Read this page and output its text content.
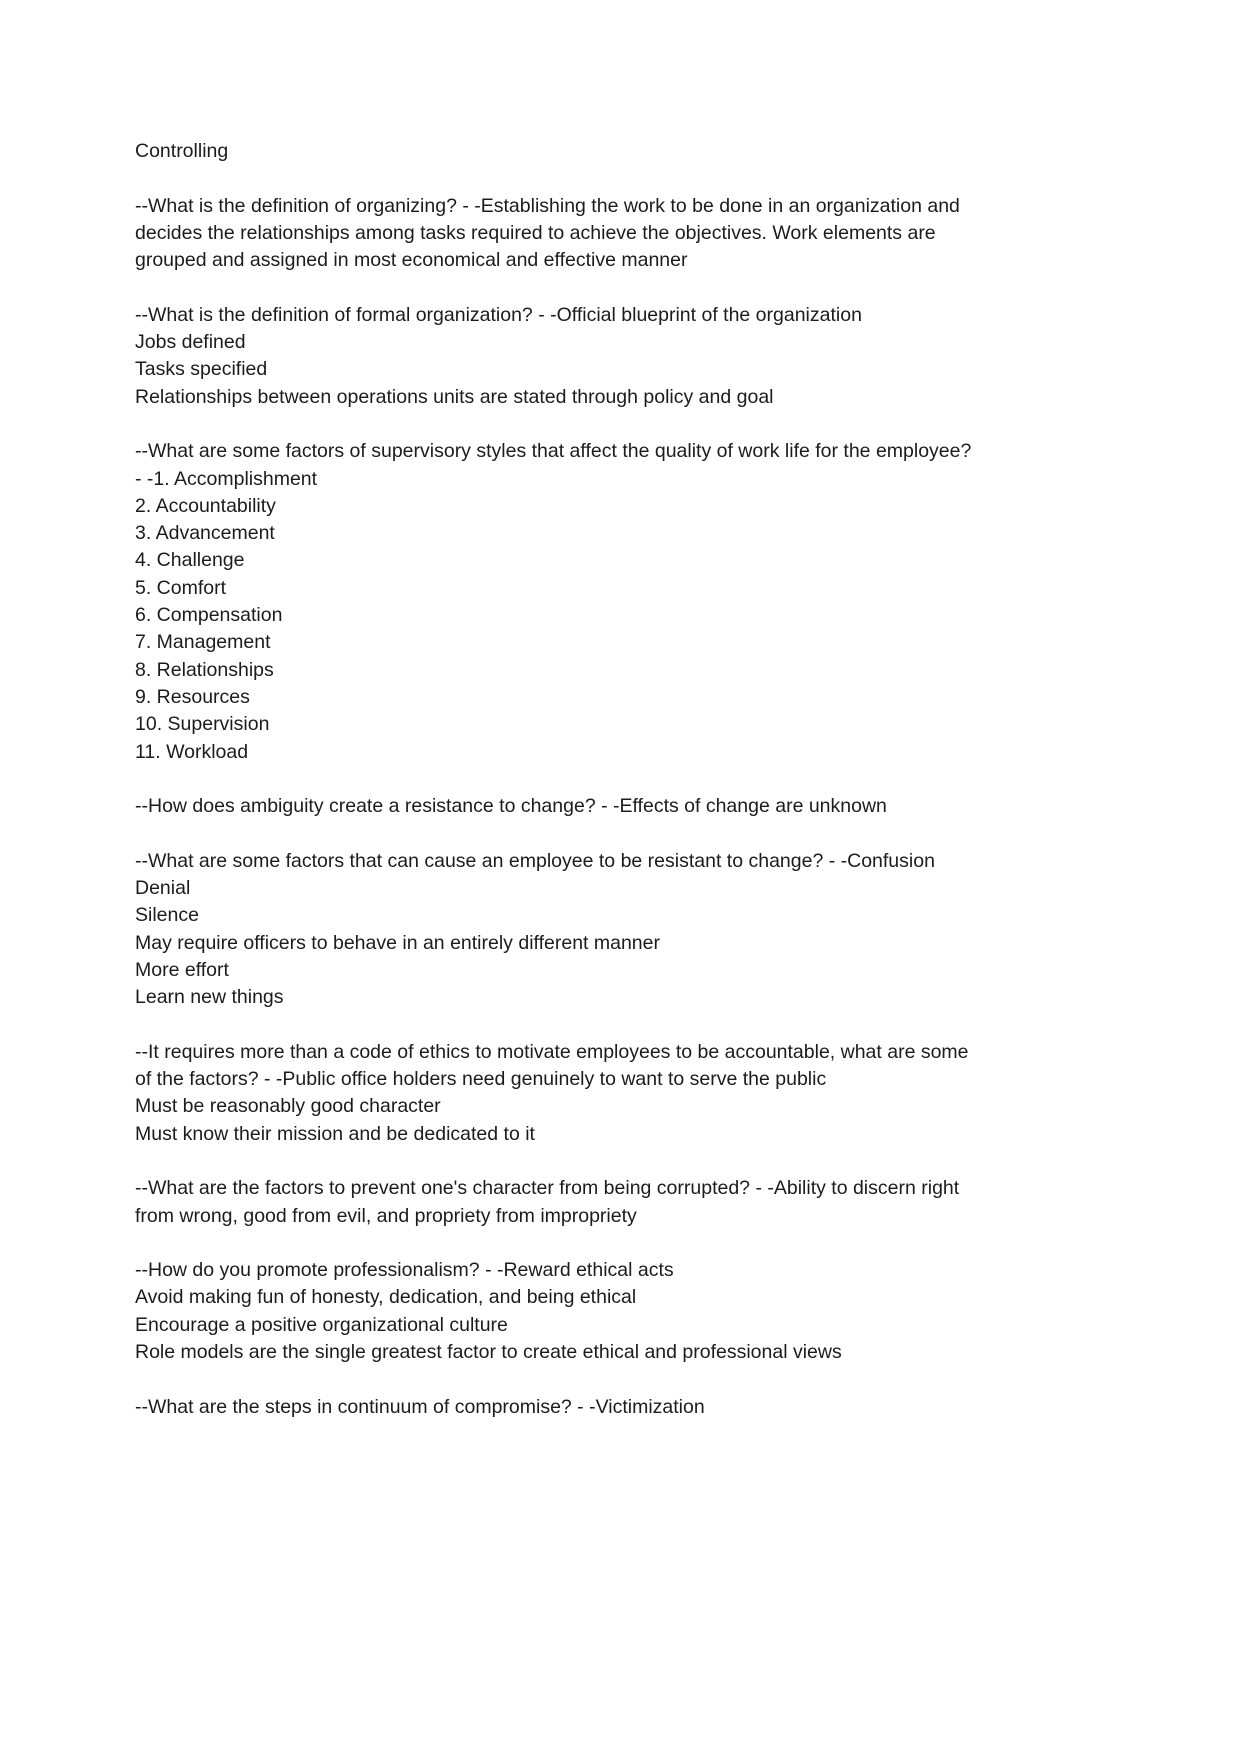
Controlling

--What is the definition of organizing? - -Establishing the work to be done in an organization and decides the relationships among tasks required to achieve the objectives. Work elements are grouped and assigned in most economical and effective manner

--What is the definition of formal organization? - -Official blueprint of the organization
Jobs defined
Tasks specified
Relationships between operations units are stated through policy and goal

--What are some factors of supervisory styles that affect the quality of work life for the employee? - -1. Accomplishment
2. Accountability
3. Advancement
4. Challenge
5. Comfort
6. Compensation
7. Management
8. Relationships
9. Resources
10. Supervision
11. Workload

--How does ambiguity create a resistance to change? - -Effects of change are unknown

--What are some factors that can cause an employee to be resistant to change? - -Confusion
Denial
Silence
May require officers to behave in an entirely different manner
More effort
Learn new things

--It requires more than a code of ethics to motivate employees to be accountable, what are some of the factors? - -Public office holders need genuinely to want to serve the public
Must be reasonably good character
Must know their mission and be dedicated to it

--What are the factors to prevent one's character from being corrupted? - -Ability to discern right from wrong, good from evil, and propriety from impropriety

--How do you promote professionalism? - -Reward ethical acts
Avoid making fun of honesty, dedication, and being ethical
Encourage a positive organizational culture
Role models are the single greatest factor to create ethical and professional views

--What are the steps in continuum of compromise? - -Victimization
